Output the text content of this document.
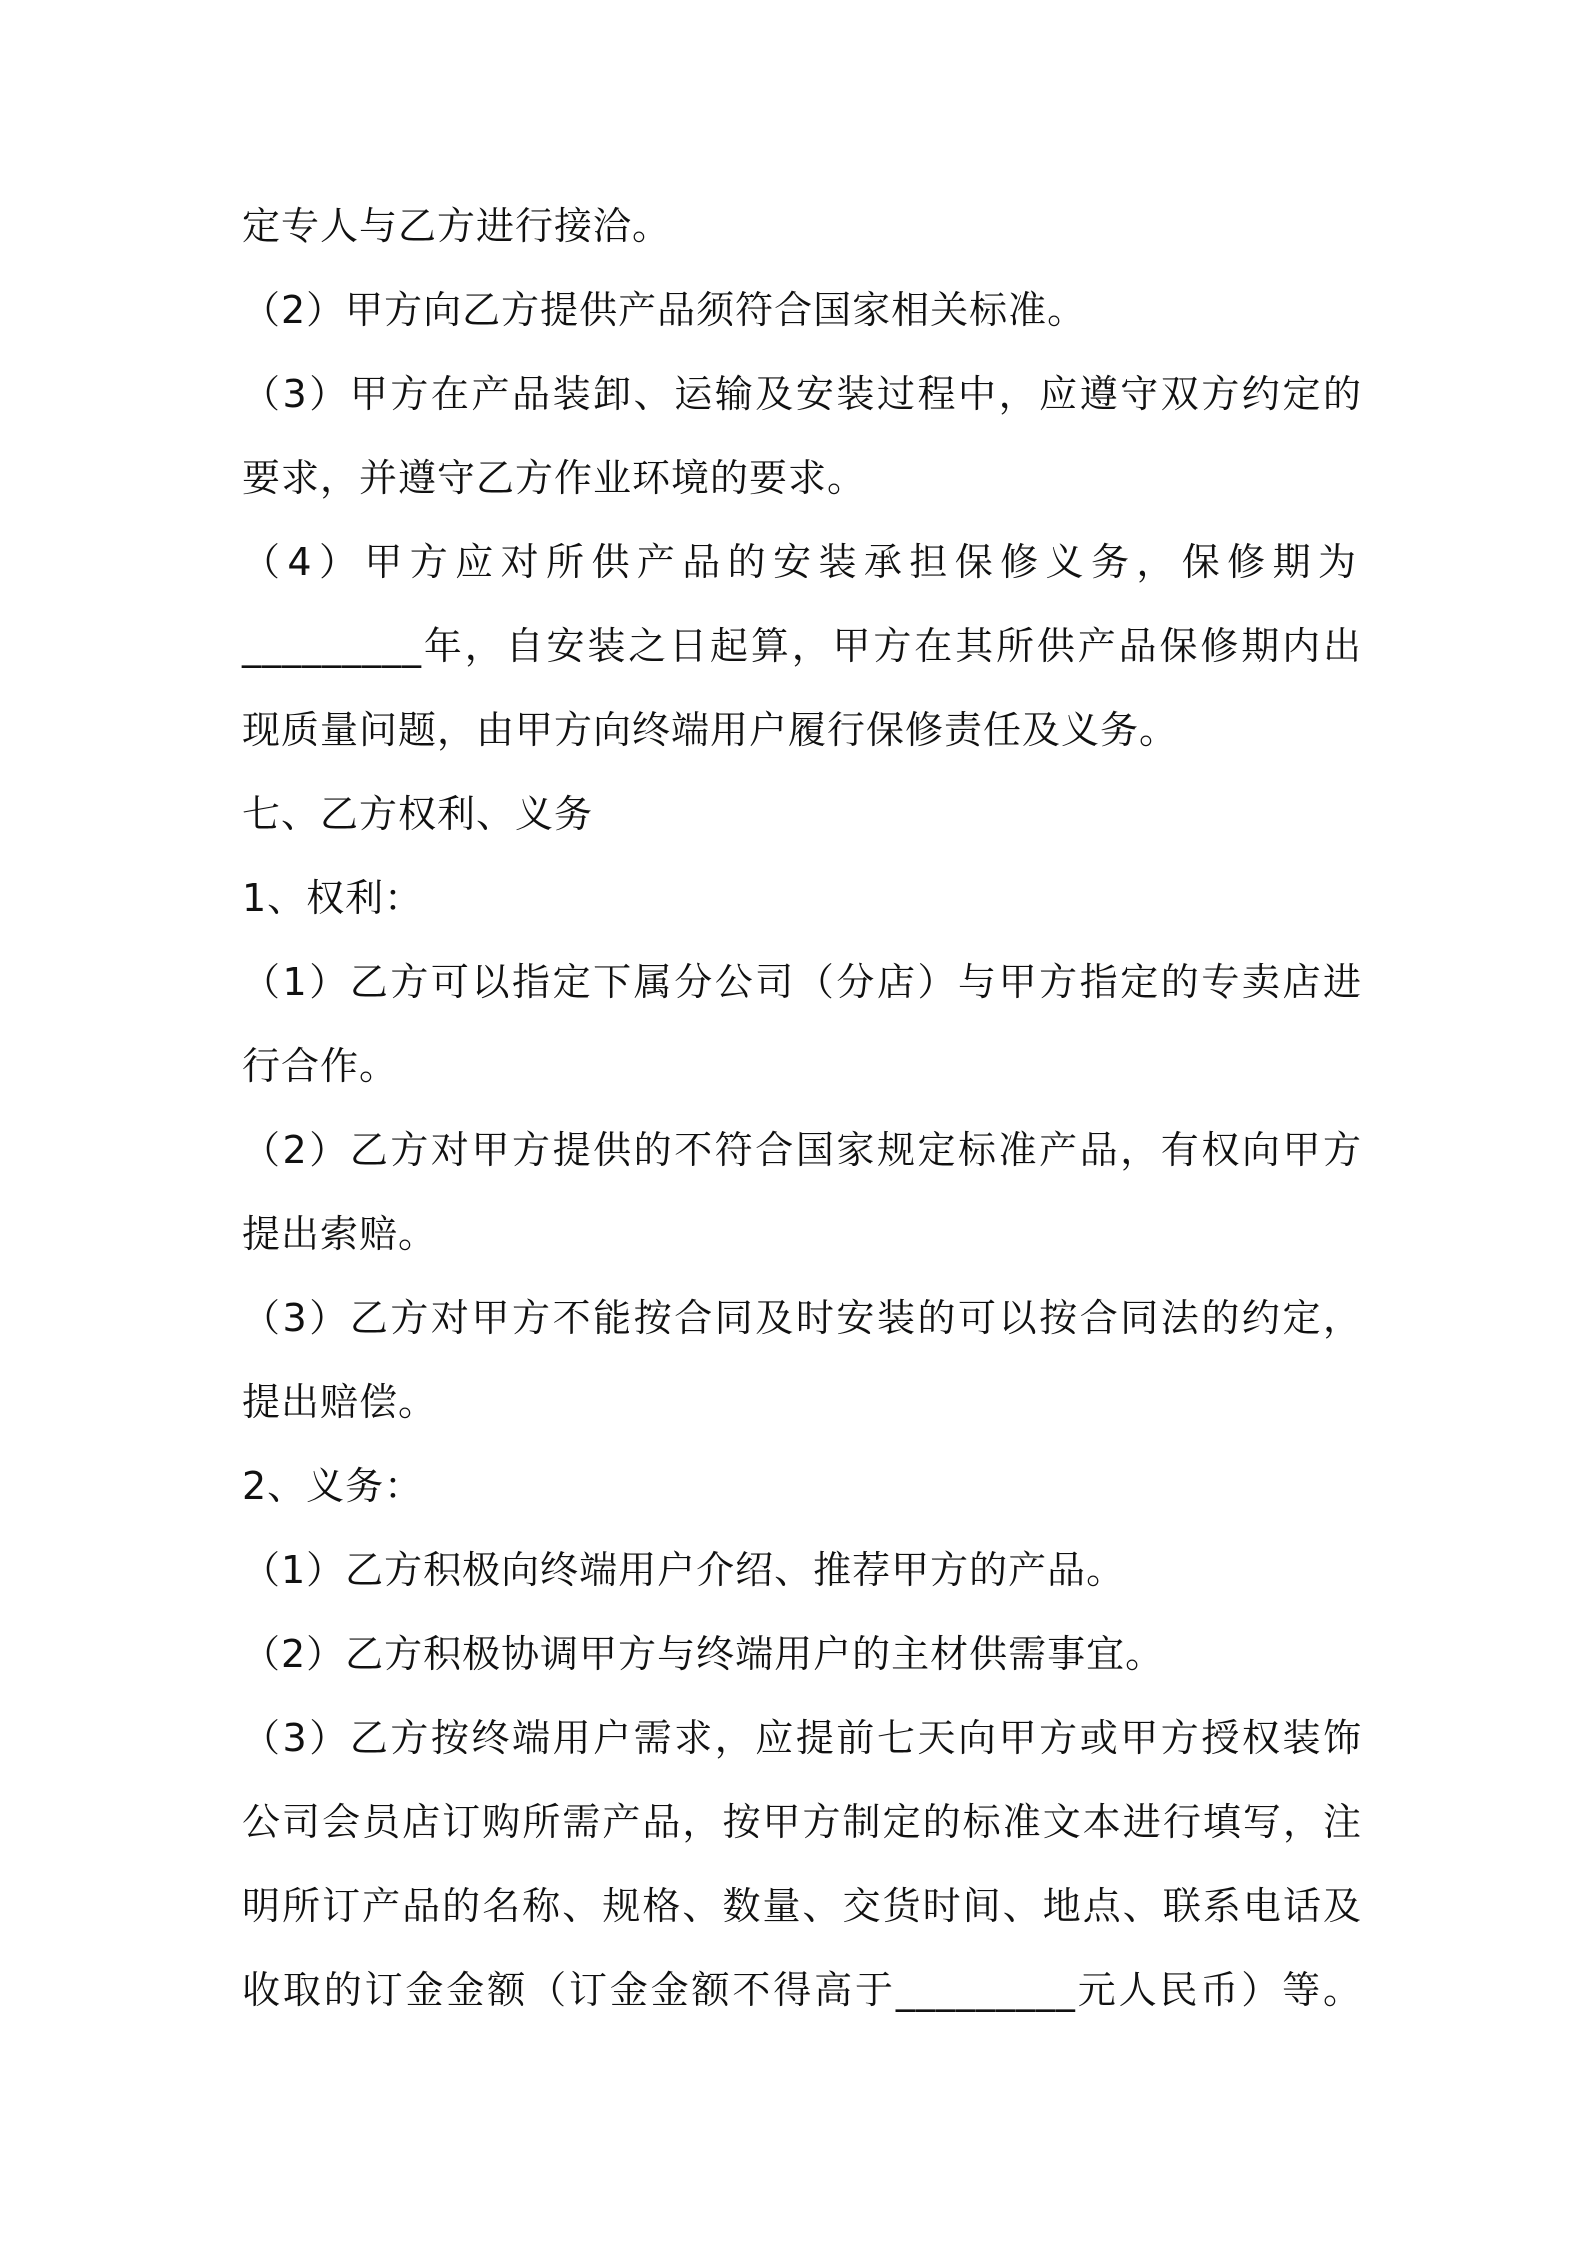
定专人与乙方进行接洽。
（2）甲方向乙方提供产品须符合国家相关标准。
（3）甲方在产品装卸、运输及安装过程中，应遵守双方约定的
要求，并遵守乙方作业环境的要求。
（4）甲方应对所供产品的安装承担保修义务，保修期为
_________年，自安装之日起算，甲方在其所供产品保修期内出
现质量问题，由甲方向终端用户履行保修责任及义务。
七、乙方权利、义务
1、权利：
（1）乙方可以指定下属分公司（分店）与甲方指定的专卖店进
行合作。
（2）乙方对甲方提供的不符合国家规定标准产品，有权向甲方
提出索赔。
（3）乙方对甲方不能按合同及时安装的可以按合同法的约定，
提出赔偿。
2、义务：
（1）乙方积极向终端用户介绍、推荐甲方的产品。
（2）乙方积极协调甲方与终端用户的主材供需事宜。
（3）乙方按终端用户需求，应提前七天向甲方或甲方授权装饰
公司会员店订购所需产品，按甲方制定的标准文本进行填写，注
明所订产品的名称、规格、数量、交货时间、地点、联系电话及
收取的订金金额（订金金额不得高于_________元人民币）等。
